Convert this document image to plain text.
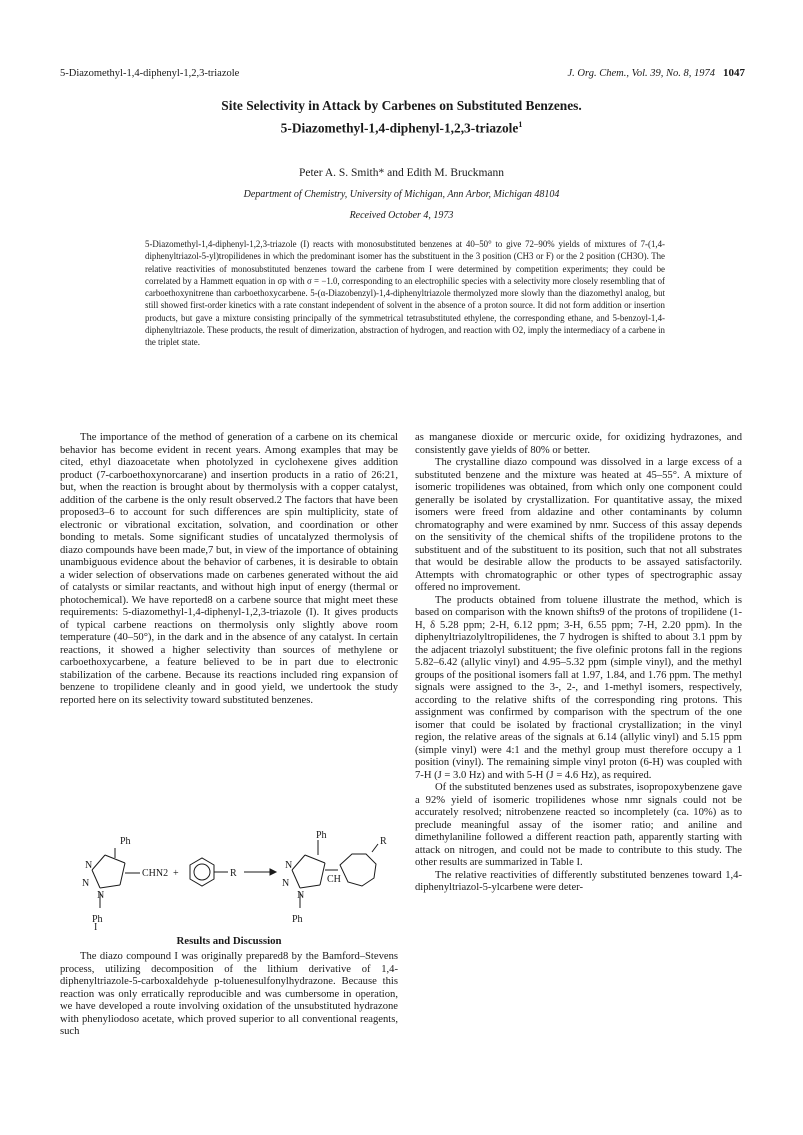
5-Diazomethyl-1,4-diphenyl-1,2,3-triazole	J. Org. Chem., Vol. 39, No. 8, 1974 1047
Site Selectivity in Attack by Carbenes on Substituted Benzenes.
5-Diazomethyl-1,4-diphenyl-1,2,3-triazole$^1$
Peter A. S. Smith* and Edith M. Bruckmann
Department of Chemistry, University of Michigan, Ann Arbor, Michigan 48104
Received October 4, 1973
5-Diazomethyl-1,4-diphenyl-1,2,3-triazole (I) reacts with monosubstituted benzenes at 40–50° to give 72–90% yields of mixtures of 7-(1,4-diphenyltriazol-5-yl)tropilidenes in which the predominant isomer has the substituent in the 3 position (CH3 or F) or the 2 position (CH3O). The relative reactivities of monosubstituted benzenes toward the carbene from I were determined by competition experiments; they could be correlated by a Hammett equation in σp with σ = −1.0, corresponding to an electrophilic species with a selectivity more closely resembling that of carboethoxynitrene than carboethoxycarbene. 5-(α-Diazobenzyl)-1,4-diphenyltriazole thermolyzed more slowly than the diazomethyl analog, but still showed first-order kinetics with a rate constant independent of solvent in the absence of a proton source. It did not form addition or insertion products, but gave a mixture consisting principally of the symmetrical tetrasubstituted ethylene, the corresponding ethane, and 5-benzoyl-1,4-diphenyltriazole. These products, the result of dimerization, abstraction of hydrogen, and reaction with O2, imply the intermediacy of a carbene in the triplet state.

The importance of the method of generation of a carbene on its chemical behavior has become evident in recent years. Among examples that may be cited, ethyl diazoacetate when photolyzed in cyclohexene gives addition product (7-carboethoxynorcarane) and insertion products in a ratio of 26:21, but, when the reaction is brought about by thermolysis with a copper catalyst, addition of the carbene is the only result observed.2 The factors that have been proposed3–6 to account for such differences are spin multiplicity, state of electronic or vibrational excitation, solvation, and coordination or other bonding to metals. Some significant studies of uncatalyzed thermolysis of diazo compounds have been made,7 but, in view of the importance of obtaining unambiguous evidence about the behavior of carbenes, it is desirable to obtain a wider selection of observations made on carbenes generated without the aid of catalysts or similar reactants, and without high input of energy (thermal or photochemical). We have reported8 on a carbene source that might meet these requirements: 5-diazomethyl-1,4-diphenyl-1,2,3-triazole (I). It gives products of typical carbene reactions on thermolysis only slightly above room temperature (40–50°), in the dark and in the absence of any catalyst. In certain reactions, it showed a higher selectivity than sources of methylene or carboethoxycarbene, a feature believed to be in part due to electronic stabilization of the carbene. Because its reactions included ring expansion of benzene to tropilidene cleanly and in good yield, we undertook the study reported here on its selectivity toward substituted benzenes.

Ph
N
N
N
CHN2
Ph
+	R
Ph
N
N
N
CH
R
Ph
I
Results and Discussion

The diazo compound I was originally prepared8 by the Bamford–Stevens process, utilizing decomposition of the lithium derivative of 1,4-diphenyltriazole-5-carboxaldehyde p-toluenesulfonylhydrazone. Because this reaction was only erratically reproducible and was cumbersome in operation, we have developed a route involving oxidation of the unsubstituted hydrazone with phenyliodoso acetate, which proved superior to all conventional reagents, such

as manganese dioxide or mercuric oxide, for oxidizing hydrazones, and consistently gave yields of 80% or better.

The crystalline diazo compound was dissolved in a large excess of a substituted benzene and the mixture was heated at 45–55°. A mixture of isomeric tropilidenes was obtained, from which only one component could generally be isolated by crystallization. For quantitative assay, the mixed isomers were freed from aldazine and other contaminants by column chromatography and were examined by nmr. Success of this assay depends on the sensitivity of the chemical shifts of the tropilidene protons to the substituent and of the substituent to its position, such that not all substrates that would be desirable allow the products to be assayed satisfactorily. Attempts with chromatographic or other types of spectrographic assay offered no improvement.

The products obtained from toluene illustrate the method, which is based on comparison with the known shifts9 of the protons of tropilidene (1-H, δ 5.28 ppm; 2-H, 6.12 ppm; 3-H, 6.55 ppm; 7-H, 2.20 ppm). In the diphenyltriazolyltropilidenes, the 7 hydrogen is shifted to about 3.1 ppm by the adjacent triazolyl substituent; the five olefinic protons fall in the regions 5.82–6.42 (allylic vinyl) and 4.95–5.32 ppm (simple vinyl), and the methyl groups of the positional isomers fall at 1.97, 1.84, and 1.76 ppm. The methyl signals were assigned to the 3-, 2-, and 1-methyl isomers, respectively, according to the relative shifts of the corresponding ring protons. This assignment was confirmed by comparison with the spectrum of the one isomer that could be isolated by fractional crystallization; in the vinyl region, the relative areas of the signals at 6.14 (allylic vinyl) and 5.15 ppm (simple vinyl) were 4:1 and the methyl group must therefore occupy a 1 position (vinyl). The remaining simple vinyl proton (6-H) was coupled with 7-H (J = 3.0 Hz) and with 5-H (J = 4.6 Hz), as required.

Of the substituted benzenes used as substrates, isopropoxybenzene gave a 92% yield of isomeric tropilidenes whose nmr signals could not be accurately resolved; nitrobenzene reacted so incompletely (ca. 10%) as to preclude meaningful assay of the isomer ratio; and aniline and dimethylaniline followed a different reaction path, apparently starting with attack on nitrogen, and could not be made to contribute to this study. The other results are summarized in Table I.

The relative reactivities of differently substituted benzenes toward 1,4-diphenyltriazol-5-ylcarbene were deter-
